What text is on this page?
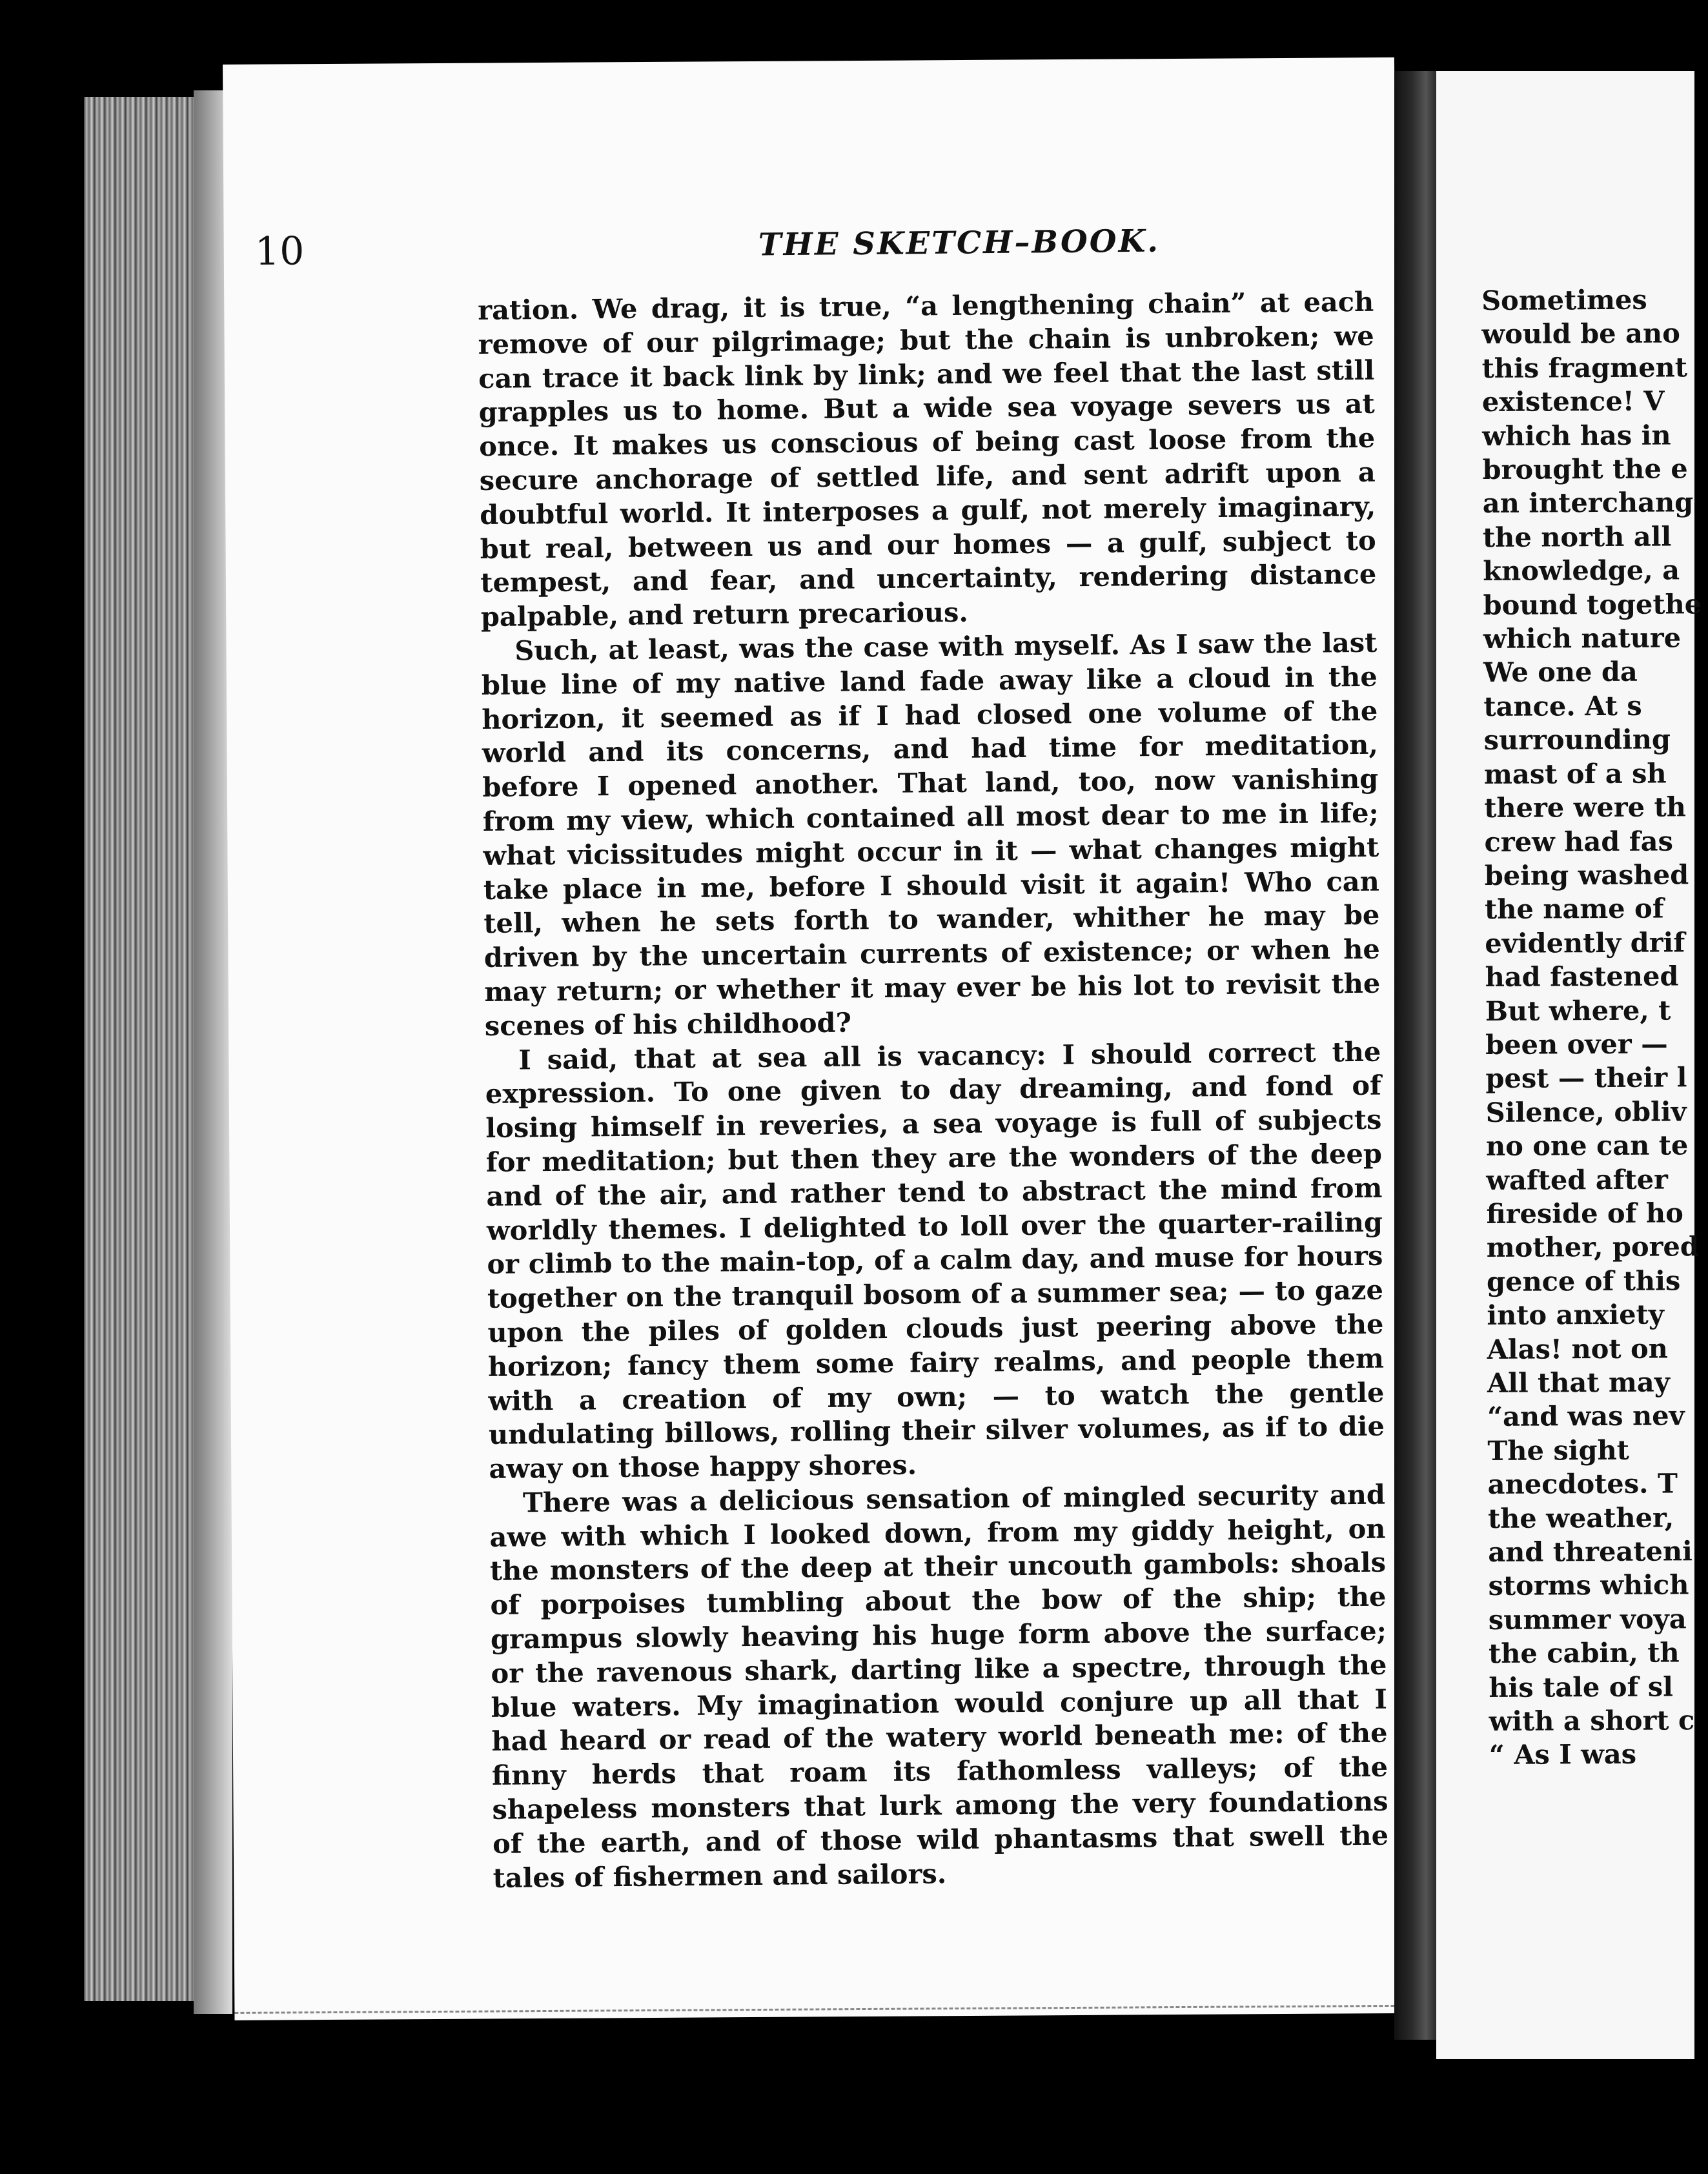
10	THE SKETCH–BOOK.

ration. We drag, it is true, “a lengthening chain” at each remove of our pilgrimage; but the chain is unbroken; we can trace it back link by link; and we feel that the last still grapples us to home. But a wide sea voyage severs us at once. It makes us conscious of being cast loose from the secure anchorage of settled life, and sent adrift upon a doubtful world. It interposes a gulf, not merely imaginary, but real, between us and our homes — a gulf, subject to tempest, and fear, and uncertainty, rendering distance palpable, and return precarious.

Such, at least, was the case with myself. As I saw the last blue line of my native land fade away like a cloud in the horizon, it seemed as if I had closed one volume of the world and its concerns, and had time for meditation, before I opened another. That land, too, now vanishing from my view, which contained all most dear to me in life; what vicissitudes might occur in it — what changes might take place in me, before I should visit it again! Who can tell, when he sets forth to wander, whither he may be driven by the uncertain currents of existence; or when he may return; or whether it may ever be his lot to revisit the scenes of his childhood?

I said, that at sea all is vacancy: I should correct the expression. To one given to day dreaming, and fond of losing himself in reveries, a sea voyage is full of subjects for meditation; but then they are the wonders of the deep and of the air, and rather tend to abstract the mind from worldly themes. I delighted to loll over the quarter-railing or climb to the main-top, of a calm day, and muse for hours together on the tranquil bosom of a summer sea; — to gaze upon the piles of golden clouds just peering above the horizon; fancy them some fairy realms, and people them with a creation of my own; — to watch the gentle undulating billows, rolling their silver volumes, as if to die away on those happy shores.

There was a delicious sensation of mingled security and awe with which I looked down, from my giddy height, on the monsters of the deep at their uncouth gambols: shoals of porpoises tumbling about the bow of the ship; the grampus slowly heaving his huge form above the surface; or the ravenous shark, darting like a spectre, through the blue waters. My imagination would conjure up all that I had heard or read of the watery world beneath me: of the finny herds that roam its fathomless valleys; of the shapeless monsters that lurk among the very foundations of the earth, and of those wild phantasms that swell the tales of fishermen and sailors.

Sometimes
would be ano
this fragment
existence! V
which has in
brought the e
an interchang
the north all
knowledge, a
bound togethe
which nature
We one da
tance. At s
surrounding
mast of a sh
there were th
crew had fas
being washed
the name of
evidently drif
had fastened
But where, t
been over —
pest — their l
Silence, obliv
no one can te
wafted after
fireside of ho
mother, pored
gence of this
into anxiety
Alas! not on
All that may
“and was nev
The sight
anecdotes. T
the weather,
and threateni
storms which
summer voya
the cabin, th
his tale of sl
with a short c
“ As I was
